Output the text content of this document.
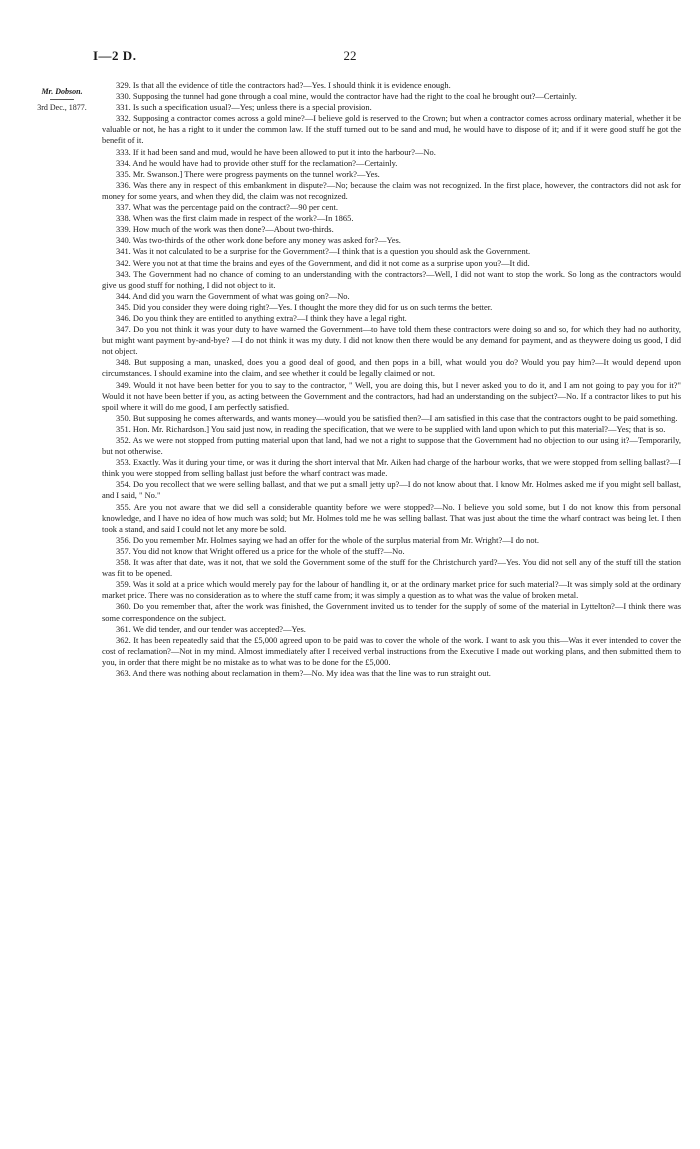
I—2 D.	22
Mr. Dobson.
3rd Dec., 1877.

329. Is that all the evidence of title the contractors had?—Yes. I should think it is evidence enough.

330. Supposing the tunnel had gone through a coal mine, would the contractor have had the right to the coal he brought out?—Certainly.

331. Is such a specification usual?—Yes; unless there is a special provision.

332. Supposing a contractor comes across a gold mine?—I believe gold is reserved to the Crown; but when a contractor comes across ordinary material, whether it be valuable or not, he has a right to it under the common law. If the stuff turned out to be sand and mud, he would have to dispose of it; and if it were good stuff he got the benefit of it.

333. If it had been sand and mud, would he have been allowed to put it into the harbour?—No.

334. And he would have had to provide other stuff for the reclamation?—Certainly.

335. Mr. Swanson.] There were progress payments on the tunnel work?—Yes.

336. Was there any in respect of this embankment in dispute?—No; because the claim was not recognized. In the first place, however, the contractors did not ask for money for some years, and when they did, the claim was not recognized.

337. What was the percentage paid on the contract?—90 per cent.

338. When was the first claim made in respect of the work?—In 1865.

339. How much of the work was then done?—About two-thirds.

340. Was two-thirds of the other work done before any money was asked for?—Yes.

341. Was it not calculated to be a surprise for the Government?—I think that is a question you should ask the Government.

342. Were you not at that time the brains and eyes of the Government, and did it not come as a surprise upon you?—It did.

343. The Government had no chance of coming to an understanding with the contractors?—Well, I did not want to stop the work. So long as the contractors would give us good stuff for nothing, I did not object to it.

344. And did you warn the Government of what was going on?—No.

345. Did you consider they were doing right?—Yes. I thought the more they did for us on such terms the better.

346. Do you think they are entitled to anything extra?—I think they have a legal right.

347. Do you not think it was your duty to have warned the Government—to have told them these contractors were doing so and so, for which they had no authority, but might want payment by-and-bye? —I do not think it was my duty. I did not know then there would be any demand for payment, and as theywere doing us good, I did not object.

348. But supposing a man, unasked, does you a good deal of good, and then pops in a bill, what would you do? Would you pay him?—It would depend upon circumstances. I should examine into the claim, and see whether it could be legally claimed or not.

349. Would it not have been better for you to say to the contractor, " Well, you are doing this, but I never asked you to do it, and I am not going to pay you for it?" Would it not have been better if you, as acting between the Government and the contractors, had had an understanding on the subject?—No. If a contractor likes to put his spoil where it will do me good, I am perfectly satisfied.

350. But supposing he comes afterwards, and wants money—would you be satisfied then?—I am satisfied in this case that the contractors ought to be paid something.

351. Hon. Mr. Richardson.] You said just now, in reading the specification, that we were to be supplied with land upon which to put this material?—Yes; that is so.

352. As we were not stopped from putting material upon that land, had we not a right to suppose that the Government had no objection to our using it?—Temporarily, but not otherwise.

353. Exactly. Was it during your time, or was it during the short interval that Mr. Aiken had charge of the harbour works, that we were stopped from selling ballast?—I think you were stopped from selling ballast just before the wharf contract was made.

354. Do you recollect that we were selling ballast, and that we put a small jetty up?—I do not know about that. I know Mr. Holmes asked me if you might sell ballast, and I said, " No."

355. Are you not aware that we did sell a considerable quantity before we were stopped?—No. I believe you sold some, but I do not know this from personal knowledge, and I have no idea of how much was sold; but Mr. Holmes told me he was selling ballast. That was just about the time the wharf contract was being let. I then took a stand, and said I could not let any more be sold.

356. Do you remember Mr. Holmes saying we had an offer for the whole of the surplus material from Mr. Wright?—I do not.

357. You did not know that Wright offered us a price for the whole of the stuff?—No.

358. It was after that date, was it not, that we sold the Government some of the stuff for the Christchurch yard?—Yes. You did not sell any of the stuff till the station was fit to be opened.

359. Was it sold at a price which would merely pay for the labour of handling it, or at the ordinary market price for such material?—It was simply sold at the ordinary market price. There was no consideration as to where the stuff came from; it was simply a question as to what was the value of broken metal.

360. Do you remember that, after the work was finished, the Government invited us to tender for the supply of some of the material in Lyttelton?—I think there was some correspondence on the subject.

361. We did tender, and our tender was accepted?—Yes.

362. It has been repeatedly said that the £5,000 agreed upon to be paid was to cover the whole of the work. I want to ask you this—Was it ever intended to cover the cost of reclamation?—Not in my mind. Almost immediately after I received verbal instructions from the Executive I made out working plans, and then submitted them to you, in order that there might be no mistake as to what was to be done for the £5,000.

363. And there was nothing about reclamation in them?—No. My idea was that the line was to run straight out.
